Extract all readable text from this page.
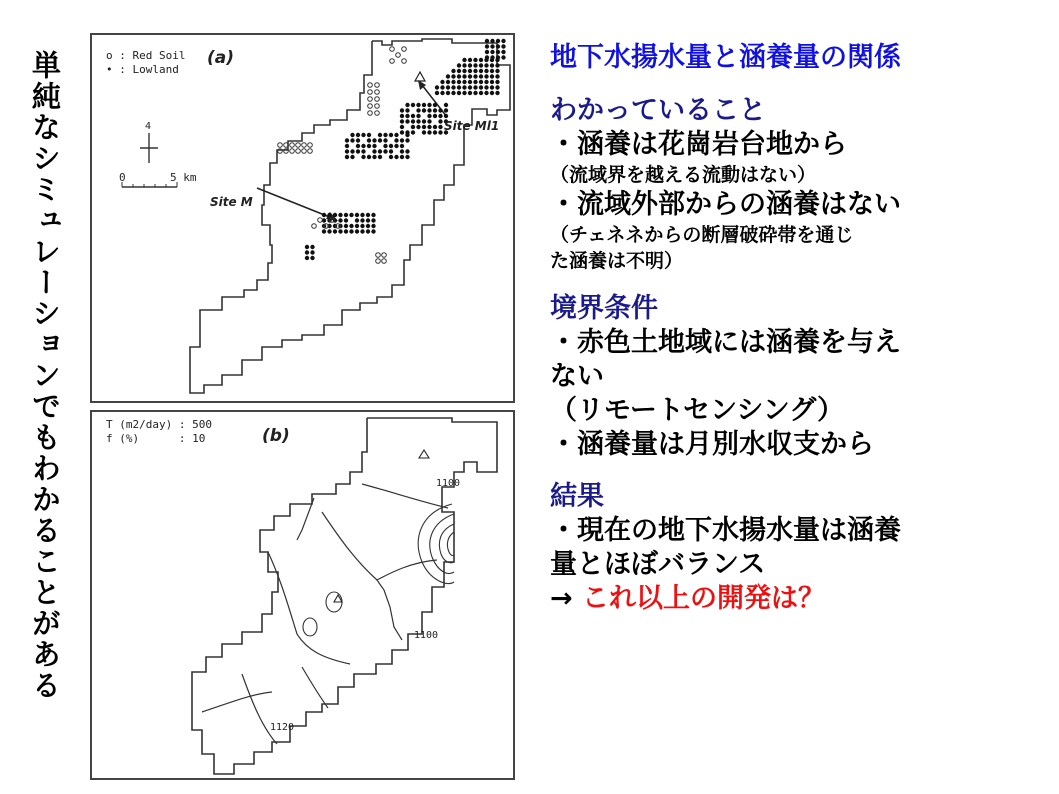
単純なシミュレーションでもわかることがある	o : Red Soil
• : Lowland
(a)
4
0	5 km
Site M
Site Ml1
T (m2/day) : 500
f (%)      : 10	(b)
1100
1100
1120
地下水揚水量と涵養量の関係
わかっていること
・涵養は花崗岩台地から
（流域界を越える流動はない）
・流域外部からの涵養はない
（チェネネからの断層破砕帯を通じ
た涵養は不明）
境界条件
・赤色土地域には涵養を与え
ない
（リモートセンシング）
・涵養量は月別水収支から
結果
・現在の地下水揚水量は涵養
量とほぼバランス
→ これ以上の開発は？
